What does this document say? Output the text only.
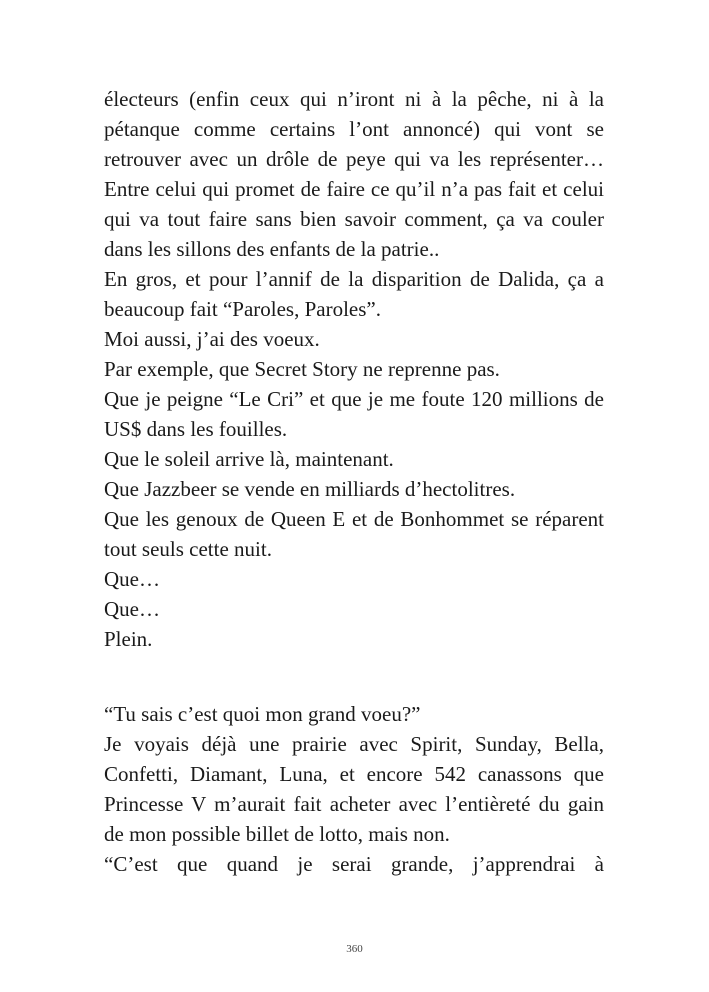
électeurs (enfin ceux qui n’iront ni à la pêche, ni à la pétanque comme certains l’ont annoncé) qui vont se retrouver avec un drôle de peye qui va les représenter…Entre celui qui promet de faire ce qu’il n’a pas fait et celui qui va tout faire sans bien savoir comment, ça va couler dans les sillons des enfants de la patrie..

En gros, et pour l’annif de la disparition de Dalida, ça a beaucoup fait “Paroles, Paroles”.

Moi aussi, j’ai des voeux.

Par exemple, que Secret Story ne reprenne pas.

Que je peigne “Le Cri” et que je me foute 120 millions de US$ dans les fouilles.

Que le soleil arrive là, maintenant.

Que Jazzbeer se vende en milliards d’hectolitres.

Que les genoux de Queen E et de Bonhommet se réparent tout seuls cette nuit.

Que…

Que…

Plein.

“Tu sais c’est quoi mon grand voeu?”

Je voyais déjà une prairie avec Spirit, Sunday, Bella, Confetti, Diamant, Luna, et encore 542 canassons que Princesse V m’aurait fait acheter avec l’entièreté du gain de mon possible billet de lotto, mais non.

“C’est que quand je serai grande, j’apprendrai à

360
